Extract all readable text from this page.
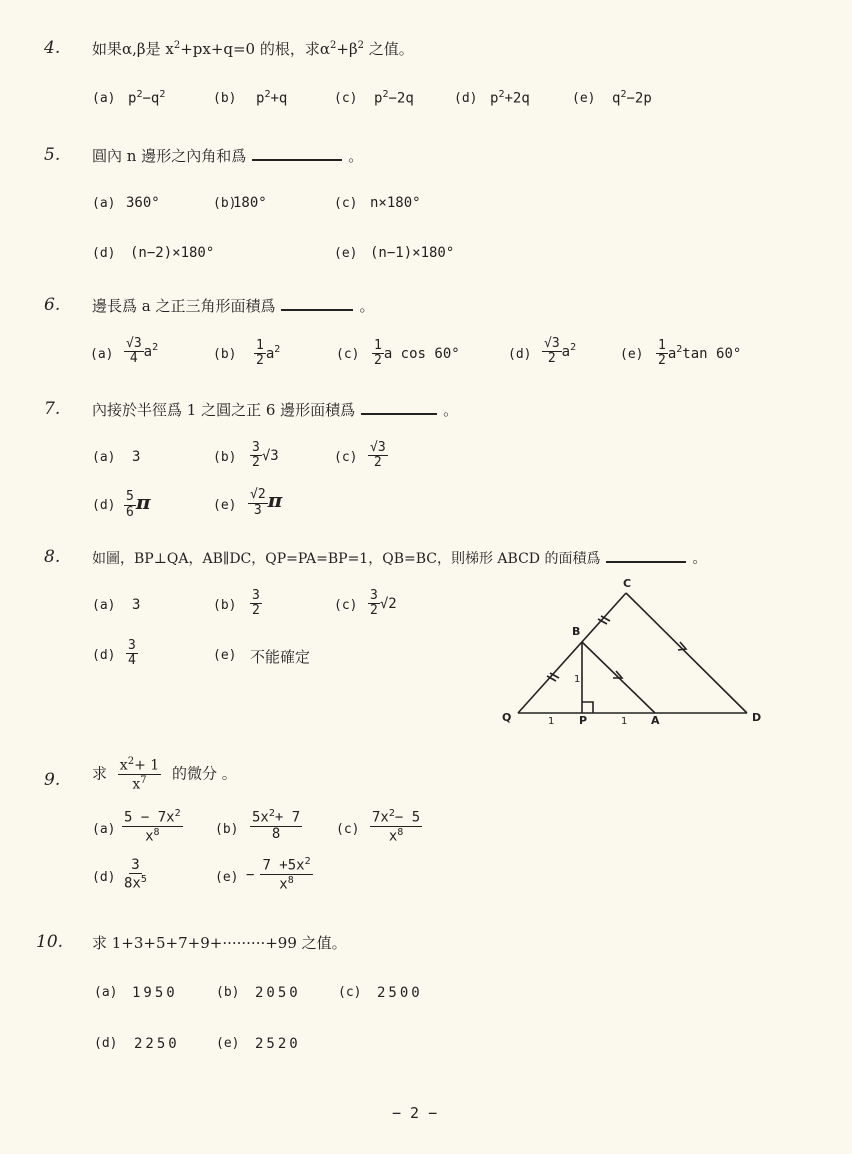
4. 如果α,β是 $x^2+px+q=0$ 的根，求$\alpha^2+\beta^2$ 之值。
(a) $p^2-q^2$	(b) $p^2+q$	(c) $p^2-2q$	(d) $p^2+2q$	(e) $q^2-2p$
5. 圓內 n 邊形之內角和爲	。
(a) 360°	(b)
180°	(c) n×180°
(d) (n−2)×180°	(e) (n−1)×180°
6. 邊長爲 a 之正三角形面積爲	。
$(a) \frac{√3}{4} a^2$	$(b) \frac{1}{2} a^2$	$(c) \frac{1}{2}$ a cos 60°	$(d) \frac{√3}{2} a^2$	$(e) \frac{1}{2} a^2\tan$ 60°
7. 內接於半徑爲 1 之圓之正 6 邊形面積爲	。
(a) 3	$(b) \frac{3}{2} √3$	$(c) \frac{√3}{2}$
$(d) \frac{5}{6}$ π	$(e) \frac{√2}{3}$ π
8. 如圖，BP⊥QA，AB∥DC，QP=PA=BP=1，QB=BC，則梯形 ABCD 的面積爲	。
(a) 3	$(b) \frac{3}{2}$	$(c) \frac{3}{2} √2$
$(d) \frac{3}{4}$	(e) 不能確定
C
B
Q	P	A	D
1
1	1
9. 求 $\frac{x^2+ 1}{x^7}$ 的微分 。
$(a) \frac{5 - 7x^2}{x^8} (b) \frac{5x^2+ 7}{8}$	$(c) \frac{7x^2- 5}{x^8}$
$(d) \frac{3}{8x^5}$	$(e) - \frac{7 +5x^2}{x^8}$
10. 求 1+3+5+7+9+·········+99 之值。
(a) 1950	(b) 2050	(c) 2500
(d) 2250	(e) 2520
− 2 −
